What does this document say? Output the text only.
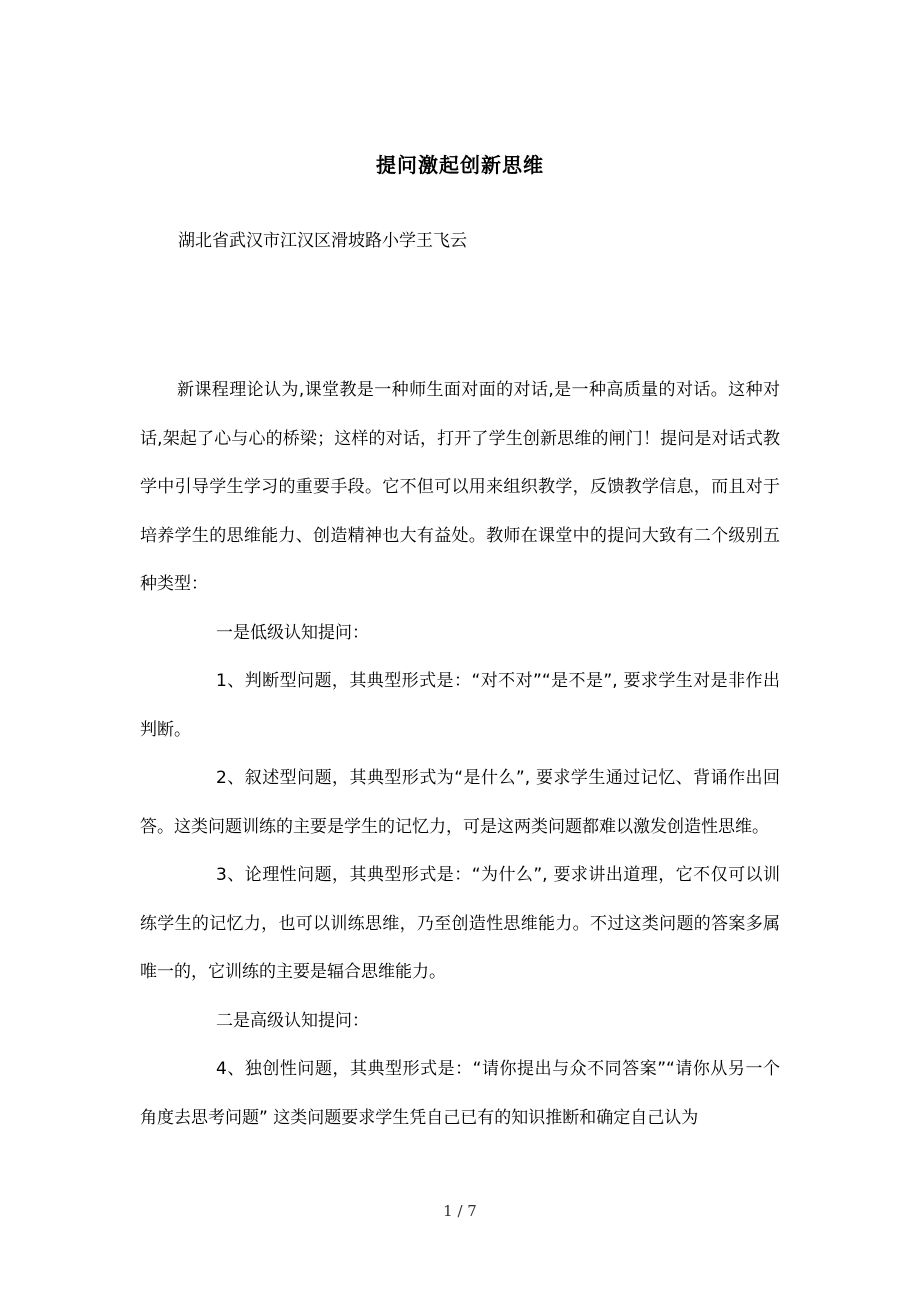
提问激起创新思维
湖北省武汉市江汉区滑坡路小学王飞云

新课程理论认为,课堂教是一种师生面对面的对话,是一种高质量的对话。这种对话,架起了心与心的桥梁；这样的对话，打开了学生创新思维的闸门！提问是对话式教学中引导学生学习的重要手段。它不但可以用来组织教学，反馈教学信息，而且对于培养学生的思维能力、创造精神也大有益处。教师在课堂中的提问大致有二个级别五种类型：

一是低级认知提问：

1、判断型问题，其典型形式是：“对不对”“是不是”, 要求学生对是非作出判断。

2、叙述型问题，其典型形式为“是什么”, 要求学生通过记忆、背诵作出回答。这类问题训练的主要是学生的记忆力，可是这两类问题都难以激发创造性思维。

3、论理性问题，其典型形式是：“为什么”, 要求讲出道理，它不仅可以训练学生的记忆力，也可以训练思维，乃至创造性思维能力。不过这类问题的答案多属唯一的，它训练的主要是辐合思维能力。

二是高级认知提问：

4、独创性问题，其典型形式是：“请你提出与众不同答案”“请你从另一个角度去思考问题” 这类问题要求学生凭自己已有的知识推断和确定自己认为

1 / 7
